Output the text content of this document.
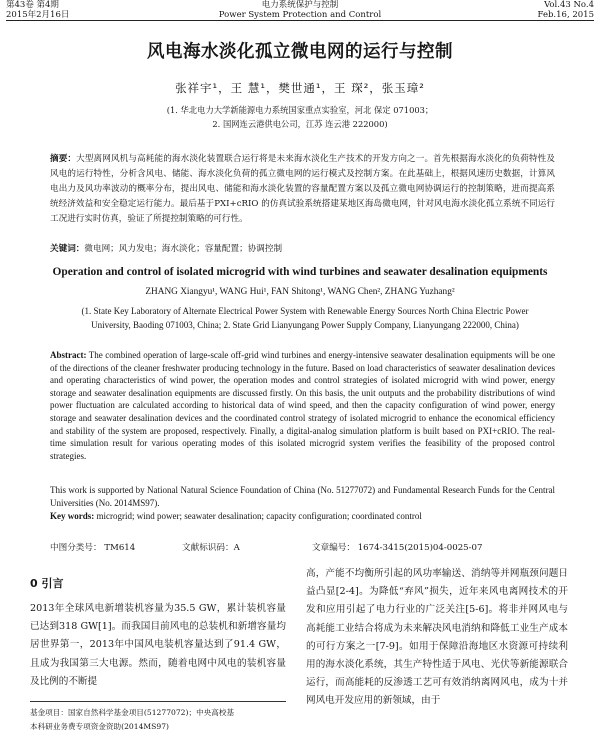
第43卷 第4期
2015年2月16日
电力系统保护与控制
Power System Protection and Control
Vol.43 No.4
Feb.16, 2015
风电海水淡化孤立微电网的运行与控制
张祥宇¹，王 慧¹，樊世通¹，王 琛²，张玉璋²
(1. 华北电力大学新能源电力系统国家重点实验室，河北 保定 071003；
2. 国网连云港供电公司，江苏 连云港 222000)
摘要：大型离网风机与高耗能的海水淡化装置联合运行将是未来海水淡化生产技术的开发方向之一。首先根据海水淡化的负荷特性及风电的运行特性，分析含风电、储能、海水淡化负荷的孤立微电网的运行模式及控制方案。在此基础上，根据风速历史数据，计算风电出力及风功率波动的概率分布，提出风电、储能和海水淡化装置的容量配置方案以及孤立微电网协调运行的控制策略，进而提高系统经济效益和安全稳定运行能力。最后基于PXI+cRIO 的仿真试验系统搭建某地区海岛微电网，针对风电海水淡化孤立系统不同运行工况进行实时仿真，验证了所提控制策略的可行性。
关键词：微电网；风力发电；海水淡化；容量配置；协调控制
Operation and control of isolated microgrid with wind turbines and seawater desalination equipments
ZHANG Xiangyu¹, WANG Hui¹, FAN Shitong¹, WANG Chen², ZHANG Yuzhang²
(1. State Key Laboratory of Alternate Electrical Power System with Renewable Energy Sources North China Electric Power University, Baoding 071003, China; 2. State Grid Lianyungang Power Supply Company, Lianyungang 222000, China)
Abstract: The combined operation of large-scale off-grid wind turbines and energy-intensive seawater desalination equipments will be one of the directions of the cleaner freshwater producing technology in the future. Based on load characteristics of seawater desalination devices and operating characteristics of wind power, the operation modes and control strategies of isolated microgrid with wind power, energy storage and seawater desalination equipments are discussed firstly. On this basis, the unit outputs and the probability distributions of wind power fluctuation are calculated according to historical data of wind speed, and then the capacity configuration of wind power, energy storage and seawater desalination devices and the coordinated control strategy of isolated microgrid to enhance the economical efficiency and stability of the system are proposed, respectively. Finally, a digital-analog simulation platform is built based on PXI+cRIO. The real-time simulation result for various operating modes of this isolated microgrid system verifies the feasibility of the proposed control strategies.
This work is supported by National Natural Science Foundation of China (No. 51277072) and Fundamental Research Funds for the Central Universities (No. 2014MS97).
Key words: microgrid; wind power; seawater desalination; capacity configuration; coordinated control
中图分类号： TM614	文献标识码：A	文章编号： 1674-3415(2015)04-0025-07
0 引言
2013年全球风电新增装机容量为35.5 GW，累计装机容量已达到318 GW[1]。而我国目前风电的总装机和新增容量均居世界第一，2013年中国风电装机容量达到了91.4 GW，且成为我国第三大电源。然而，随着电网中风电的装机容量及比例的不断提
高，产能不均衡所引起的风功率输送、消纳等并网瓶颈问题日益凸显[2-4]。为降低“弃风”损失，近年来风电离网技术的开发和应用引起了电力行业的广泛关注[5-6]。将非并网风电与高耗能工业结合将成为未来解决风电消纳和降低工业生产成本的可行方案之一[7-9]。如用于保障沿海地区水资源可持续利用的海水淡化系统，其生产特性适于风电、光伏等新能源联合运行，而高能耗的反渗透工艺可有效消纳离网风电，成为十并网风电开发应用的新领域，由于
基金项目：国家自然科学基金项目(51277072)；中央高校基
本科研业务费专项资金资助(2014MS97)
